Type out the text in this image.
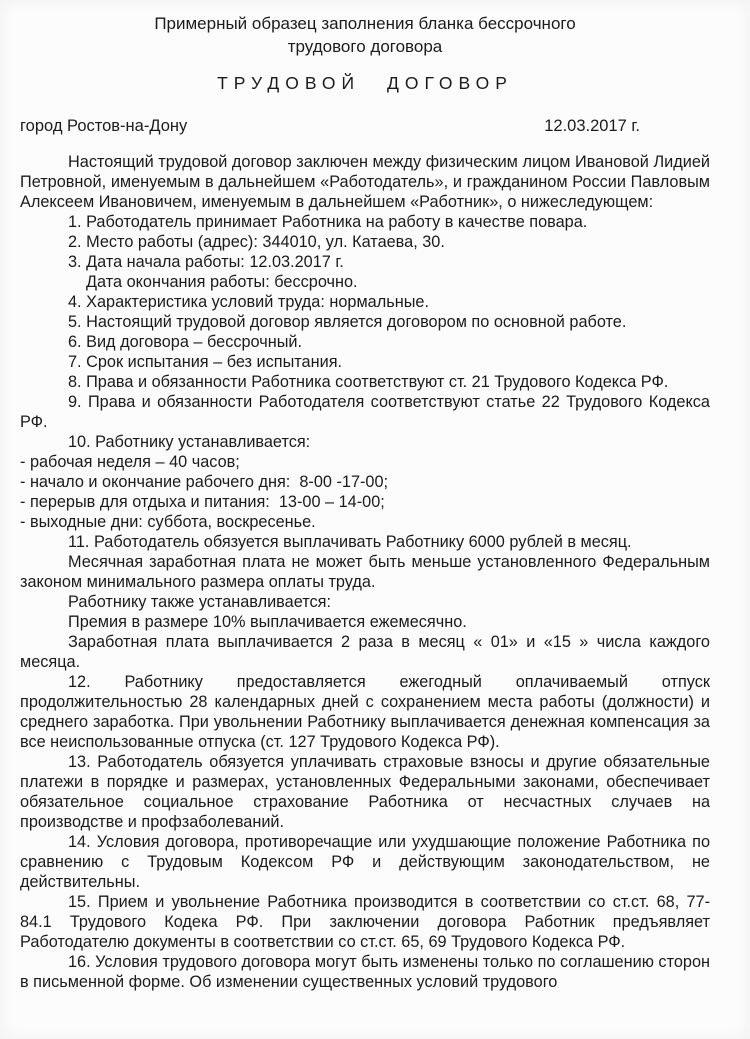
Примерный образец заполнения бланка бессрочного
трудового договора
ТРУДОВОЙ ДОГОВОР
город Ростов-на-Дону	12.03.2017 г.

Настоящий трудовой договор заключен между физическим лицом Ивановой Лидией Петровной, именуемым в дальнейшем «Работодатель», и гражданином России Павловым Алексеем Ивановичем, именуемым в дальнейшем «Работник», о нижеследующем:

1. Работодатель принимает Работника на работу в качестве повара.

2. Место работы (адрес): 344010, ул. Катаева, 30.

3. Дата начала работы: 12.03.2017 г.

Дата окончания работы: бессрочно.

4. Характеристика условий труда: нормальные.

5. Настоящий трудовой договор является договором по основной работе.

6. Вид договора – бессрочный.

7. Срок испытания – без испытания.

8. Права и обязанности Работника соответствуют ст. 21 Трудового Кодекса РФ.

9. Права и обязанности Работодателя соответствуют статье 22 Трудового Кодекса РФ.

10. Работнику устанавливается:

- рабочая неделя – 40 часов;

- начало и окончание рабочего дня:  8-00 -17-00;

- перерыв для отдыха и питания:  13-00 – 14-00;

- выходные дни: суббота, воскресенье.

11. Работодатель обязуется выплачивать Работнику 6000 рублей в месяц.

Месячная заработная плата не может быть меньше установленного Федеральным законом минимального размера оплаты труда.

Работнику также устанавливается:

Премия в размере 10% выплачивается ежемесячно.

Заработная плата выплачивается 2 раза в месяц « 01» и «15 » числа каждого месяца.

12. Работнику предоставляется ежегодный оплачиваемый отпуск продолжительностью 28 календарных дней с сохранением места работы (должности) и среднего заработка. При увольнении Работнику выплачивается денежная компенсация за все неиспользованные отпуска (ст. 127 Трудового Кодекса РФ).

13. Работодатель обязуется уплачивать страховые взносы и другие обязательные платежи в порядке и размерах, установленных Федеральными законами, обеспечивает обязательное социальное страхование Работника от несчастных случаев на производстве и профзаболеваний.

14. Условия договора, противоречащие или ухудшающие положение Работника по сравнению с Трудовым Кодексом РФ и действующим законодательством, не действительны.

15. Прием и увольнение Работника производится в соответствии со ст.ст. 68, 77-84.1 Трудового Кодека РФ. При заключении договора Работник предъявляет Работодателю документы в соответствии со ст.ст. 65, 69 Трудового Кодекса РФ.

16. Условия трудового договора могут быть изменены только по соглашению сторон в письменной форме. Об изменении существенных условий трудового
